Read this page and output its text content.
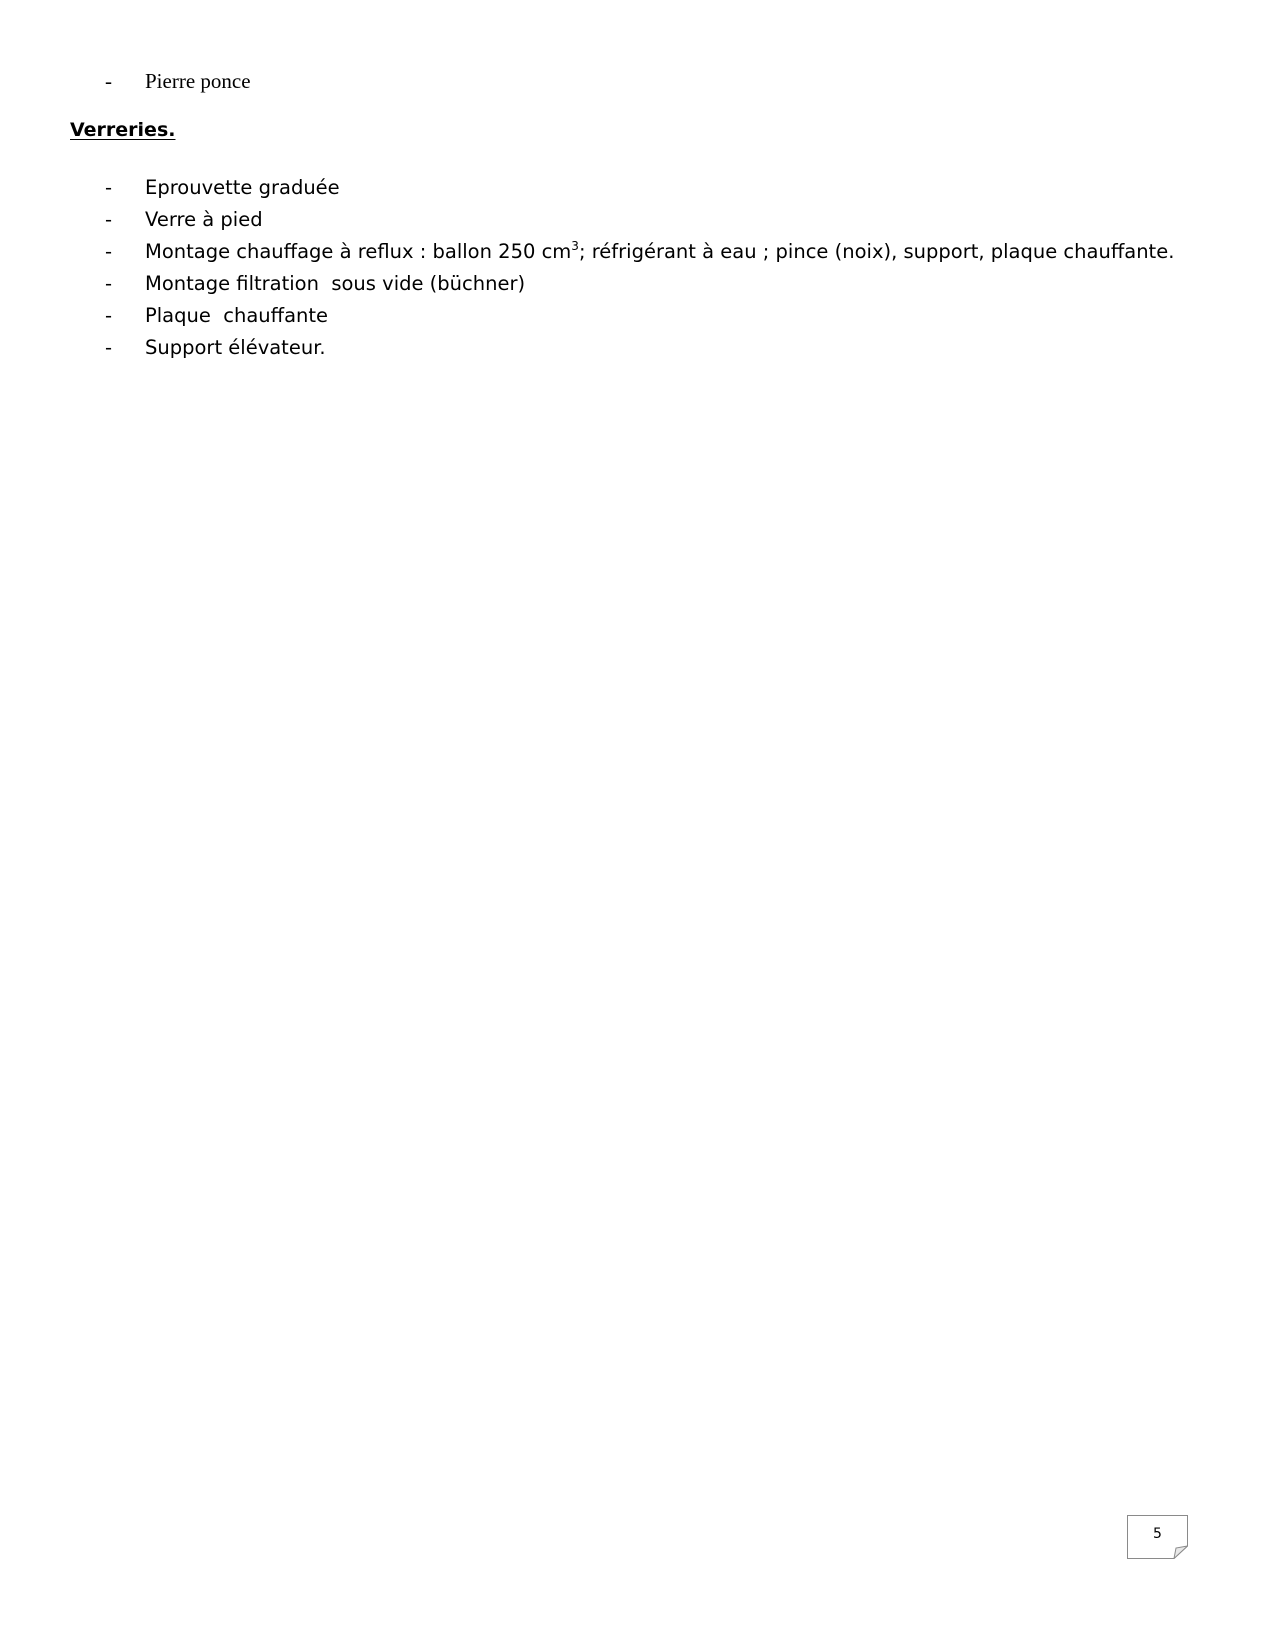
- Pierre ponce
Verreries.
- Eprouvette graduée
- Verre à pied
- Montage chauffage à reflux : ballon 250 $cm^3$; réfrigérant à eau ; pince (noix), support, plaque chauffante.
- Montage filtration  sous vide (büchner)
- Plaque  chauffante
- Support élévateur.
5
